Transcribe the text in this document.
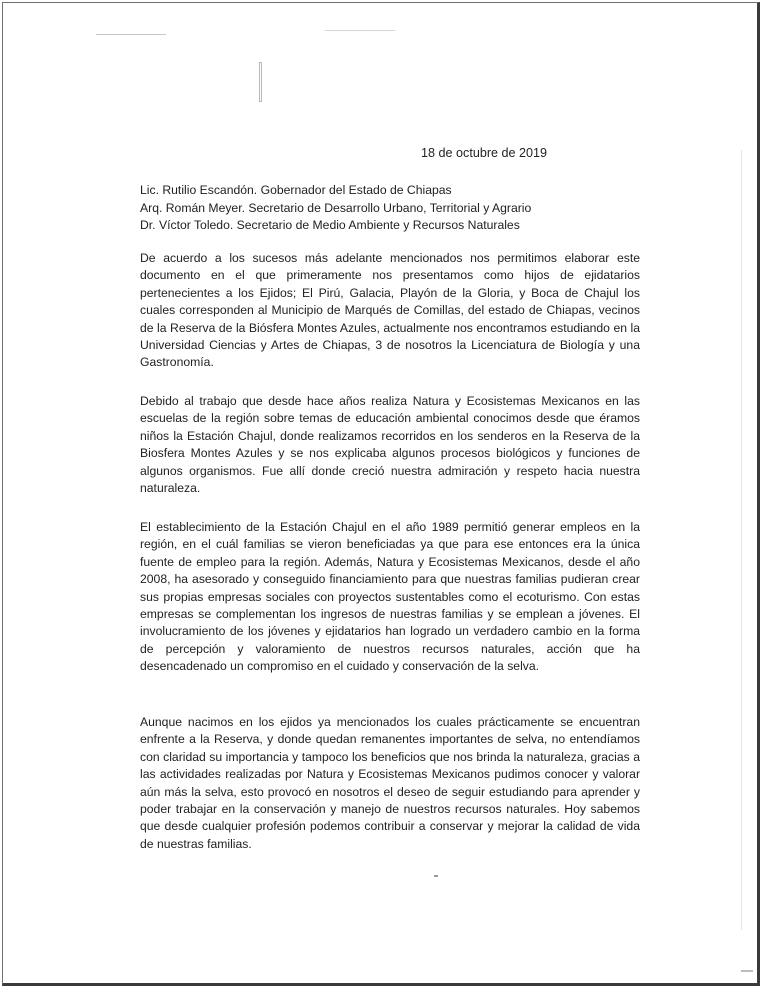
18 de octubre de 2019
Lic. Rutilio Escandón. Gobernador del Estado de Chiapas
Arq. Román Meyer. Secretario de Desarrollo Urbano, Territorial y Agrario
Dr. Víctor Toledo. Secretario de Medio Ambiente y Recursos Naturales

De acuerdo a los sucesos más adelante mencionados nos permitimos elaborar este documento en el que primeramente nos presentamos como hijos de ejidatarios pertenecientes a los Ejidos; El Pirú, Galacia, Playón de la Gloria, y Boca de Chajul los cuales corresponden al Municipio de Marqués de Comillas, del estado de Chiapas, vecinos de la Reserva de la Biósfera Montes Azules, actualmente nos encontramos estudiando en la Universidad Ciencias y Artes de Chiapas, 3 de nosotros la Licenciatura de Biología y una Gastronomía.

Debido al trabajo que desde hace años realiza Natura y Ecosistemas Mexicanos en las escuelas de la región sobre temas de educación ambiental conocimos desde que éramos niños la Estación Chajul, donde realizamos recorridos en los senderos en la Reserva de la Biosfera Montes Azules y se nos explicaba algunos procesos biológicos y funciones de algunos organismos. Fue allí donde creció nuestra admiración y respeto hacia nuestra naturaleza.

El establecimiento de la Estación Chajul en el año 1989 permitió generar empleos en la región, en el cuál familias se vieron beneficiadas ya que para ese entonces era la única fuente de empleo para la región. Además, Natura y Ecosistemas Mexicanos, desde el año 2008, ha asesorado y conseguido financiamiento para que nuestras familias pudieran crear sus propias empresas sociales con proyectos sustentables como el ecoturismo. Con estas empresas se complementan los ingresos de nuestras familias y se emplean a jóvenes. El involucramiento de los jóvenes y ejidatarios han logrado un verdadero cambio en la forma de percepción y valoramiento de nuestros recursos naturales, acción que ha desencadenado un compromiso en el cuidado y conservación de la selva.

Aunque nacimos en los ejidos ya mencionados los cuales prácticamente se encuentran enfrente a la Reserva, y donde quedan remanentes importantes de selva, no entendíamos con claridad su importancia y tampoco los beneficios que nos brinda la naturaleza, gracias a las actividades realizadas por Natura y Ecosistemas Mexicanos pudimos conocer y valorar aún más la selva, esto provocó en nosotros el deseo de seguir estudiando para aprender y poder trabajar en la conservación y manejo de nuestros recursos naturales. Hoy sabemos que desde cualquier profesión podemos contribuir a conservar y mejorar la calidad de vida de nuestras familias.
